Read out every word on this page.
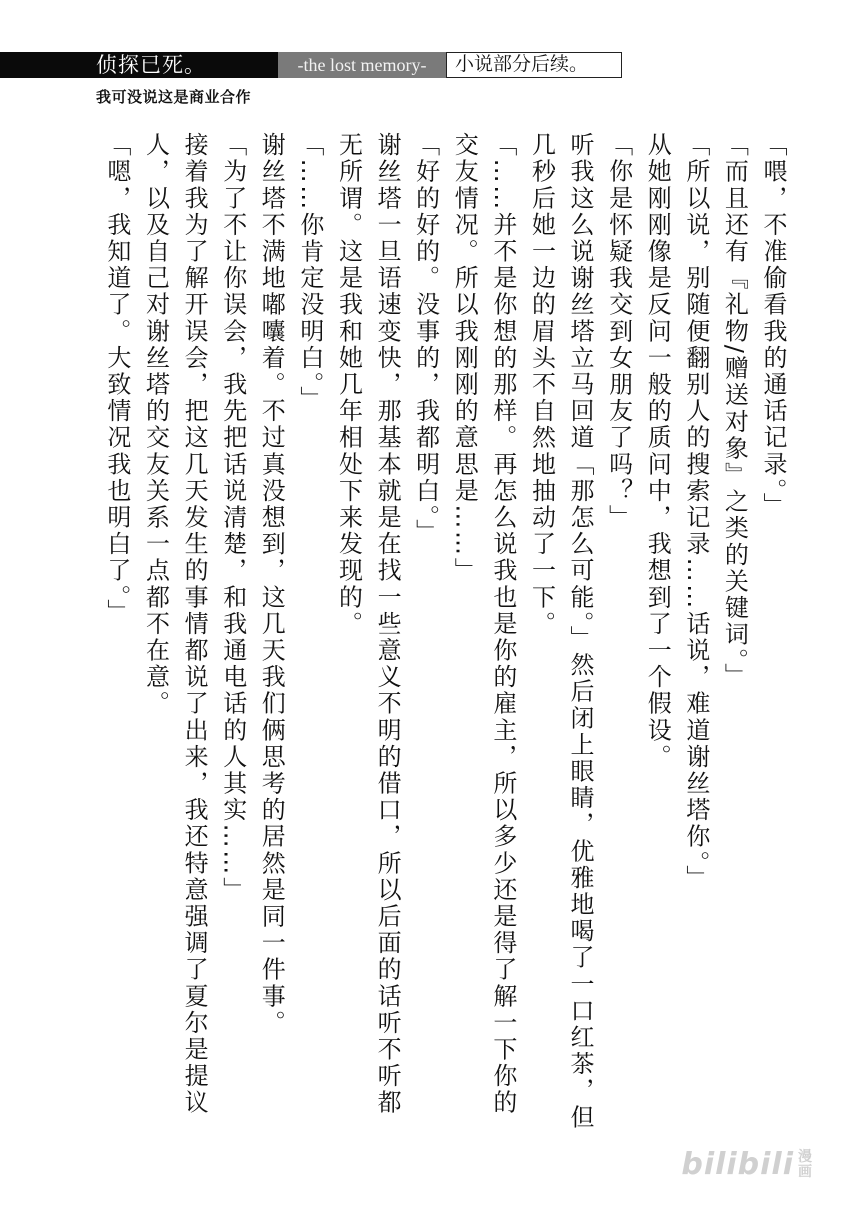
侦探已死。	-the lost memory-	小说部分后续。
我可没说这是商业合作

「喂，不准偷看我的通话记录。」

「而且还有『礼物/赠送对象』之类的关键词。」

「所以说，别随便翻别人的搜索记录……话说，难道谢丝塔你。」

从她刚刚像是反问一般的质问中，我想到了一个假设。

「你是怀疑我交到女朋友了吗？」

听我这么说谢丝塔立马回道「那怎么可能。」然后闭上眼睛，优雅地喝了一口红茶，但几秒后她一边的眉头不自然地抽动了一下。

「……并不是你想的那样。再怎么说我也是你的雇主，所以多少还是得了解一下你的交友情况。所以我刚刚的意思是……」

「好的好的。没事的，我都明白。」

谢丝塔一旦语速变快，那基本就是在找一些意义不明的借口，所以后面的话听不听都无所谓。这是我和她几年相处下来发现的。

「……你肯定没明白。」

谢丝塔不满地嘟囔着。不过真没想到，这几天我们俩思考的居然是同一件事。

「为了不让你误会，我先把话说清楚，和我通电话的人其实……」

接着我为了解开误会，把这几天发生的事情都说了出来，我还特意强调了夏尔是提议人，以及自己对谢丝塔的交友关系一点都不在意。

「嗯，我知道了。大致情况我也明白了。」

bilibili 漫
画
